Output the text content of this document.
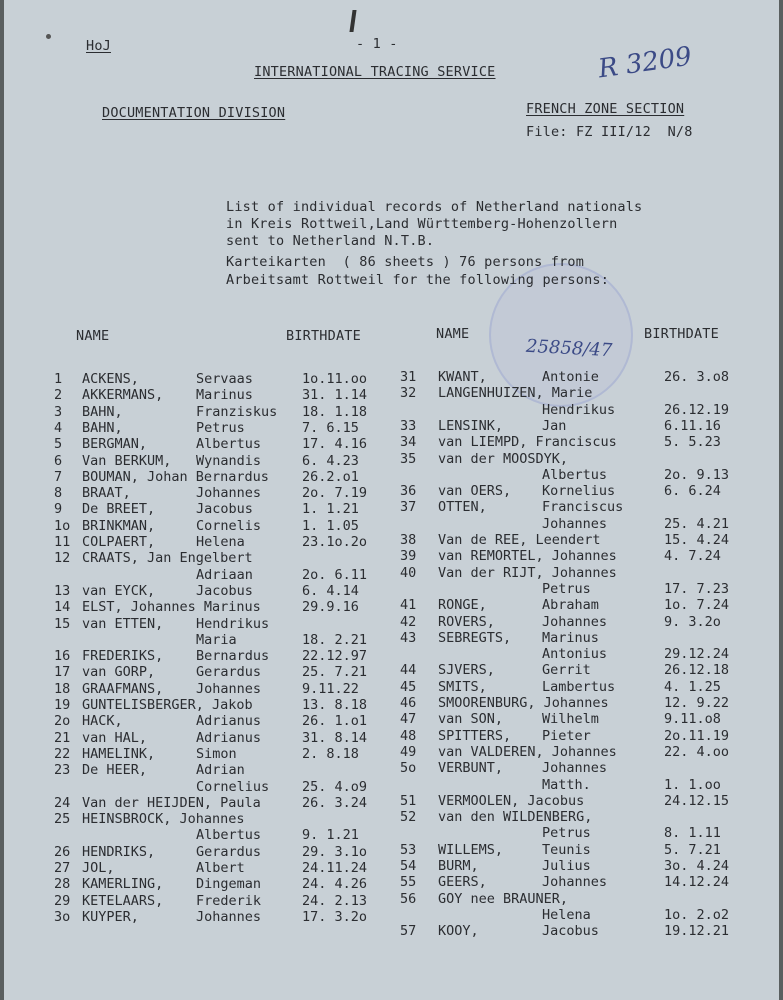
HoJ	- 1 -
INTERNATIONAL TRACING SERVICE	R 3209
DOCUMENTATION DIVISION	FRENCH ZONE SECTION
File: FZ III/12  N/8
List of individual records of Netherland nationals
in Kreis Rottweil,Land Württemberg-Hohenzollern
sent to Netherland N.T.B.
Karteikarten  ( 86 sheets ) 76 persons from
Arbeitsamt Rottweil for the following persons:
NAME	BIRTHDATE	NAME	BIRTHDATE
25858/47
1 ACKENS,	Servaas	1o.11.oo
2 AKKERMANS, Marinus	31. 1.14
3 BAHN,	Franziskus 18. 1.18
4 BAHN,	Petrus	7. 6.15
5 BERGMAN,	Albertus	17. 4.16
6 Van BERKUM, Wynandis	6. 4.23
7 BOUMAN, Johan Bernardus 26.2.o1
8 BRAAT,	Johannes	2o. 7.19
9 De BREET,	Jacobus	1. 1.21
1o BRINKMAN,	Cornelis	1. 1.05
11 COLPAERT,	Helena	23.1o.2o
12 CRAATS, Jan Engelbert
Adriaan	2o. 6.11
13 van EYCK,	Jacobus	6. 4.14
14 ELST, Johannes Marinus	29.9.16
15 van ETTEN, Hendrikus
Maria	18. 2.21
16 FREDERIKS, Bernardus 22.12.97
17 van GORP,	Gerardus	25. 7.21
18 GRAAFMANS, Johannes	9.11.22
19 GUNTELISBERGER, Jakob	13. 8.18
2o HACK,	Adrianus	26. 1.o1
21 van HAL,	Adrianus	31. 8.14
22 HAMELINK,	Simon	2. 8.18
23 De HEER,	Adrian
Cornelius 25. 4.o9
24 Van der HEIJDEN, Paula	26. 3.24
25 HEINSBROCK, Johannes
Albertus	9. 1.21
26 HENDRIKS,	Gerardus	29. 3.1o
27 JOL,	Albert	24.11.24
28 KAMERLING, Dingeman	24. 4.26
29 KETELAARS, Frederik	24. 2.13
3o KUYPER,	Johannes	17. 3.2o
31 KWANT,	Antonie	26. 3.o8
32 LANGENHUIZEN, Marie
Hendrikus	26.12.19
33 LENSINK,	Jan	6.11.16
34 van LIEMPD, Franciscus	5. 5.23
35 van der MOOSDYK,
Albertus	2o. 9.13
36 van OERS, Kornelius	6. 6.24
37 OTTEN,	Franciscus
Johannes	25. 4.21
38 Van de REE, Leendert	15. 4.24
39 van REMORTEL, Johannes	4. 7.24
40 Van der RIJT, Johannes
Petrus	17. 7.23
41 RONGE,	Abraham	1o. 7.24
42 ROVERS,	Johannes	9. 3.2o
43 SEBREGTS, Marinus
Antonius	29.12.24
44 SJVERS,	Gerrit	26.12.18
45 SMITS,	Lambertus	4. 1.25
46 SMOORENBURG, Johannes	12. 9.22
47 van SON,	Wilhelm	9.11.o8
48 SPITTERS, Pieter	2o.11.19
49 van VALDEREN, Johannes	22. 4.oo
5o VERBUNT,	Johannes
Matth.	1. 1.oo
51 VERMOOLEN, Jacobus	24.12.15
52 van den WILDENBERG,
Petrus	8. 1.11
53 WILLEMS,	Teunis	5. 7.21
54 BURM,	Julius	3o. 4.24
55 GEERS,	Johannes	14.12.24
56 GOY nee BRAUNER,
Helena	1o. 2.o2
57 KOOY,	Jacobus	19.12.21
